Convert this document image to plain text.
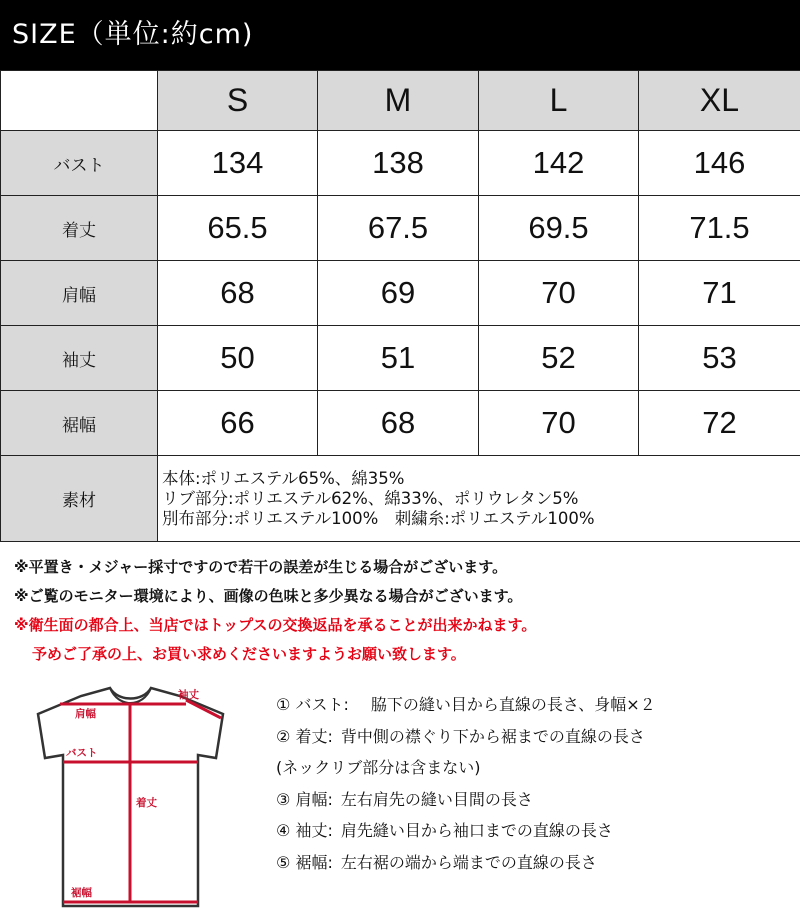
SIZE（単位:約cm)
	S	M	L	XL
バスト	134	138	142	146
着丈	65.5	67.5	69.5	71.5
肩幅	68	69	70	71
袖丈	50	51	52	53
裾幅	66	68	70	72
素材	本体:ポリエステル65%、綿35%
リブ部分:ポリエステル62%、綿33%、ポリウレタン5%
別布部分:ポリエステル100%　刺繍糸:ポリエステル100%			
※平置き・メジャー採寸ですので若干の誤差が生じる場合がございます。
※ご覧のモニター環境により、画像の色味と多少異なる場合がございます。
※衛生面の都合上、当店ではトップスの交換返品を承ることが出来かねます。
予めご了承の上、お買い求めくださいますようお願い致します。
袖丈
肩幅
バスト
着丈
裾幅
① バスト: 脇下の縫い目から直線の長さ、身幅×２
② 着丈: 背中側の襟ぐり下から裾までの直線の長さ
(ネックリブ部分は含まない)
③ 肩幅: 左右肩先の縫い目間の長さ
④ 袖丈: 肩先縫い目から袖口までの直線の長さ
⑤ 裾幅: 左右裾の端から端までの直線の長さ
